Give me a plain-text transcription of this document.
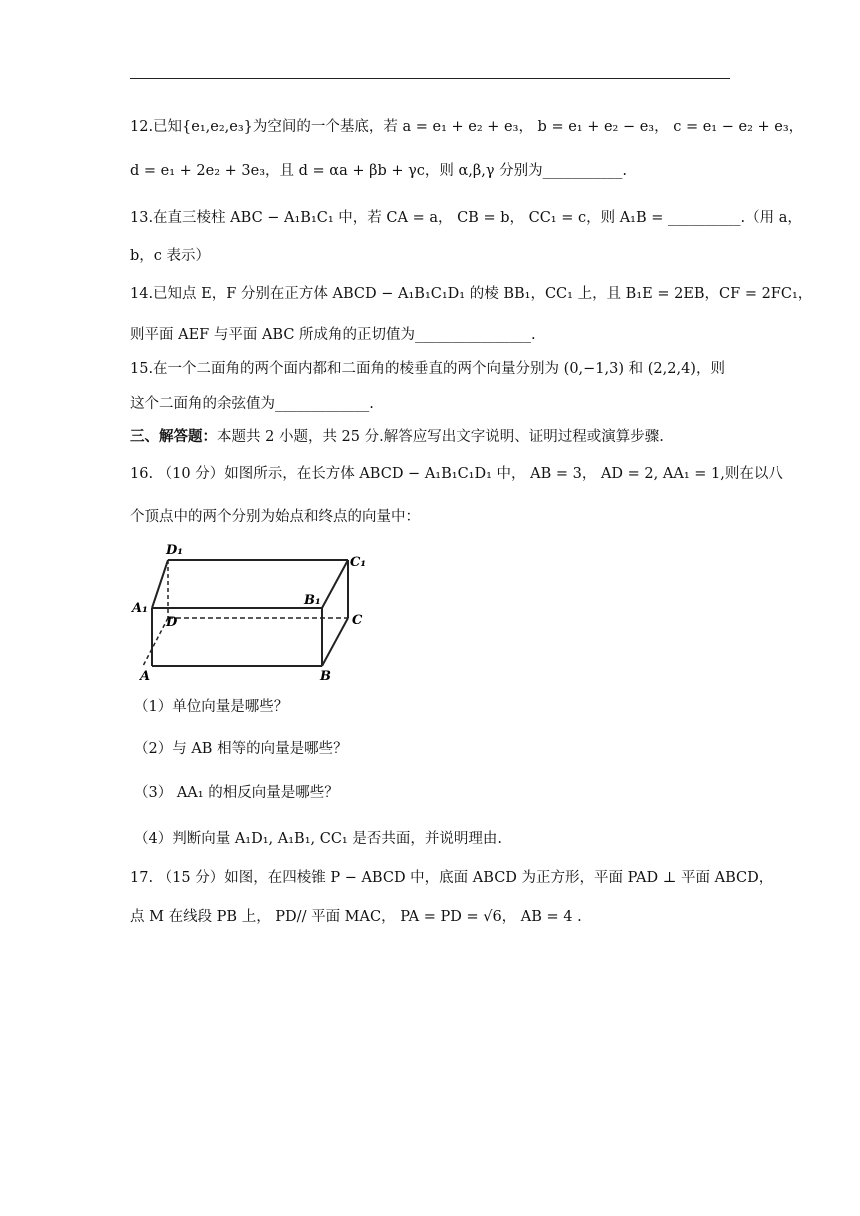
12.已知{e₁,e₂,e₃}为空间的一个基底，若 a = e₁ + e₂ + e₃， b = e₁ + e₂ − e₃， c = e₁ − e₂ + e₃，
d = e₁ + 2e₂ + 3e₃，且 d = αa + βb + γc，则 α,β,γ 分别为___________.
13.在直三棱柱 ABC − A₁B₁C₁ 中，若 CA = a， CB = b， CC₁ = c，则 A₁B = __________.（用 a，
b，c 表示）
14.已知点 E，F 分别在正方体 ABCD − A₁B₁C₁D₁ 的棱 BB₁，CC₁ 上，且 B₁E = 2EB，CF = 2FC₁，
则平面 AEF 与平面 ABC 所成角的正切值为________________.
15.在一个二面角的两个面内都和二面角的棱垂直的两个向量分别为 (0,−1,3) 和 (2,2,4)，则
这个二面角的余弦值为_____________.
三、解答题：本题共 2 小题，共 25 分.解答应写出文字说明、证明过程或演算步骤.
16. （10 分）如图所示，在长方体 ABCD − A₁B₁C₁D₁ 中， AB = 3， AD = 2, AA₁ = 1,则在以八
个顶点中的两个分别为始点和终点的向量中：
D₁
C₁
A₁
B₁
D	C
A	B
（1）单位向量是哪些？
（2）与 AB 相等的向量是哪些？
（3） AA₁ 的相反向量是哪些？
（4）判断向量 A₁D₁, A₁B₁, CC₁ 是否共面，并说明理由.
17. （15 分）如图，在四棱锥 P − ABCD 中，底面 ABCD 为正方形，平面 PAD ⊥ 平面 ABCD，
点 M 在线段 PB 上， PD// 平面 MAC， PA = PD = √6， AB = 4 .
